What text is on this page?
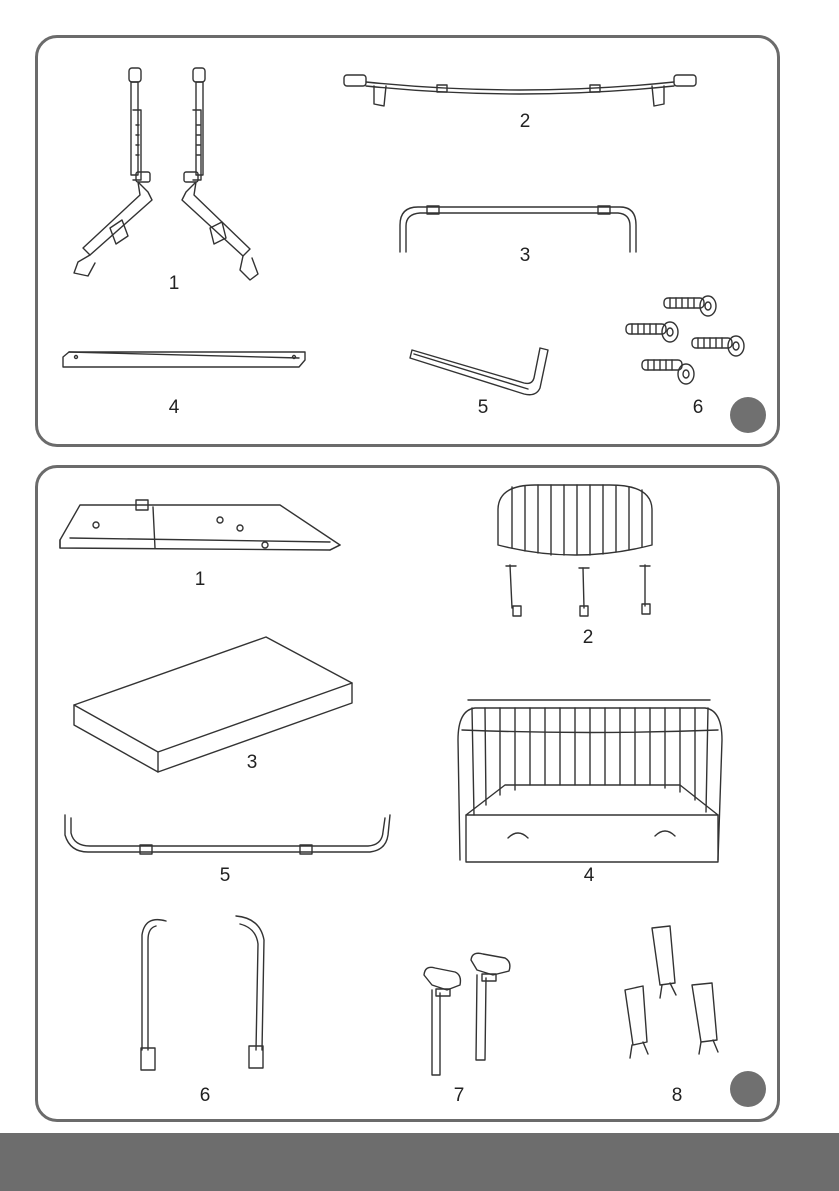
1
2
3
4	5	6
1
2
3
4
5
6	7	8
